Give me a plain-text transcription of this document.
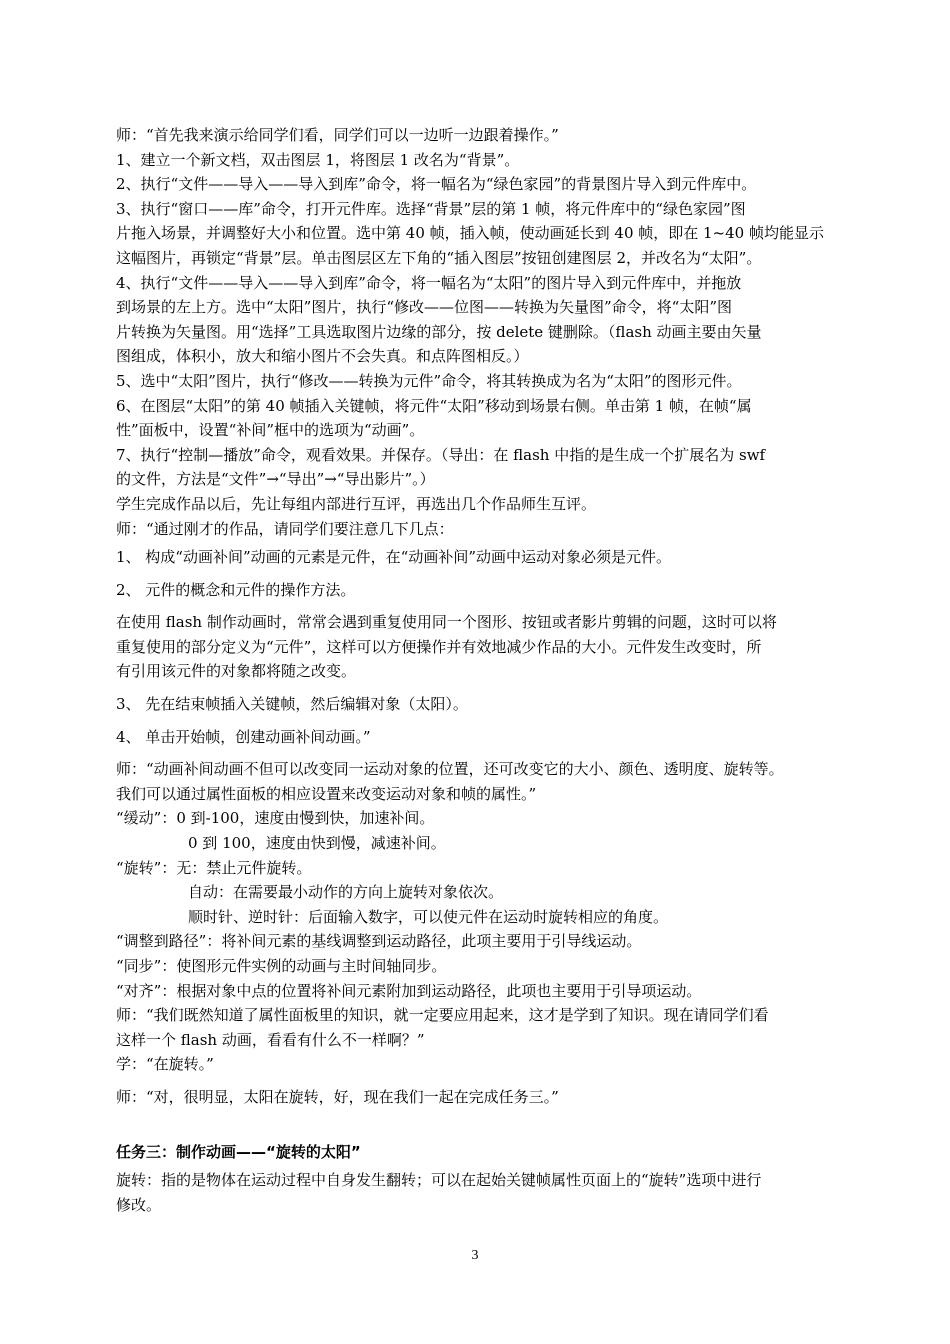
师：“首先我来演示给同学们看，同学们可以一边听一边跟着操作。”
1、建立一个新文档，双击图层 1，将图层 1 改名为“背景”。
2、执行“文件——导入——导入到库”命令，将一幅名为“绿色家园”的背景图片导入到元件库中。
3、执行“窗口——库”命令，打开元件库。选择“背景”层的第 1 帧，将元件库中的“绿色家园”图
片拖入场景，并调整好大小和位置。选中第 40 帧，插入帧，使动画延长到 40 帧，即在 1~40 帧均能显示
这幅图片，再锁定“背景”层。单击图层区左下角的“插入图层”按钮创建图层 2，并改名为“太阳”。
4、执行“文件——导入——导入到库”命令，将一幅名为“太阳”的图片导入到元件库中，并拖放
到场景的左上方。选中“太阳”图片，执行“修改——位图——转换为矢量图”命令，将“太阳”图
片转换为矢量图。用“选择”工具选取图片边缘的部分，按 delete 键删除。（flash 动画主要由矢量
图组成，体积小，放大和缩小图片不会失真。和点阵图相反。）
5、选中“太阳”图片，执行“修改——转换为元件”命令，将其转换成为名为“太阳”的图形元件。
6、在图层“太阳”的第 40 帧插入关键帧，将元件“太阳”移动到场景右侧。单击第 1 帧，在帧“属
性”面板中，设置“补间”框中的选项为“动画”。
7、执行“控制—播放”命令，观看效果。并保存。（导出：在 flash 中指的是生成一个扩展名为 swf
的文件，方法是“文件”→“导出”→“导出影片”。）
学生完成作品以后，先让每组内部进行互评，再选出几个作品师生互评。
师：“通过刚才的作品，请同学们要注意几下几点：
1、 构成“动画补间”动画的元素是元件，在“动画补间”动画中运动对象必须是元件。
2、 元件的概念和元件的操作方法。
在使用 flash 制作动画时，常常会遇到重复使用同一个图形、按钮或者影片剪辑的问题，这时可以将
重复使用的部分定义为“元件”，这样可以方便操作并有效地减少作品的大小。元件发生改变时，所
有引用该元件的对象都将随之改变。
3、 先在结束帧插入关键帧，然后编辑对象（太阳）。
4、 单击开始帧，创建动画补间动画。”
师：“动画补间动画不但可以改变同一运动对象的位置，还可改变它的大小、颜色、透明度、旋转等。
我们可以通过属性面板的相应设置来改变运动对象和帧的属性。”
“缓动”：0 到-100，速度由慢到快，加速补间。
0 到 100，速度由快到慢，减速补间。
“旋转”：无：禁止元件旋转。
自动：在需要最小动作的方向上旋转对象依次。
顺时针、逆时针：后面输入数字，可以使元件在运动时旋转相应的角度。
“调整到路径”：将补间元素的基线调整到运动路径，此项主要用于引导线运动。
“同步”：使图形元件实例的动画与主时间轴同步。
“对齐”：根据对象中点的位置将补间元素附加到运动路径，此项也主要用于引导项运动。
师：“我们既然知道了属性面板里的知识，就一定要应用起来，这才是学到了知识。现在请同学们看
这样一个 flash 动画，看看有什么不一样啊？”
学：“在旋转。”
师：“对，很明显，太阳在旋转，好，现在我们一起在完成任务三。”
任务三：制作动画——“旋转的太阳”
旋转：指的是物体在运动过程中自身发生翻转；可以在起始关键帧属性页面上的“旋转”选项中进行
修改。
3
